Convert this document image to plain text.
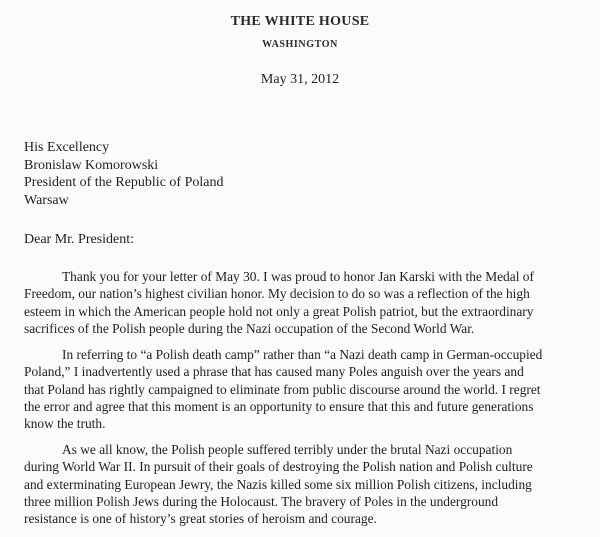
THE WHITE HOUSE
WASHINGTON
May 31, 2012
His Excellency
Bronislaw Komorowski
President of the Republic of Poland
Warsaw
Dear Mr. President:
Thank you for your letter of May 30. I was proud to honor Jan Karski with the Medal of
Freedom, our nation’s highest civilian honor. My decision to do so was a reflection of the high
esteem in which the American people hold not only a great Polish patriot, but the extraordinary
sacrifices of the Polish people during the Nazi occupation of the Second World War.
In referring to “a Polish death camp” rather than “a Nazi death camp in German-occupied
Poland,” I inadvertently used a phrase that has caused many Poles anguish over the years and
that Poland has rightly campaigned to eliminate from public discourse around the world. I regret
the error and agree that this moment is an opportunity to ensure that this and future generations
know the truth.
As we all know, the Polish people suffered terribly under the brutal Nazi occupation
during World War II. In pursuit of their goals of destroying the Polish nation and Polish culture
and exterminating European Jewry, the Nazis killed some six million Polish citizens, including
three million Polish Jews during the Holocaust. The bravery of Poles in the underground
resistance is one of history’s great stories of heroism and courage.
